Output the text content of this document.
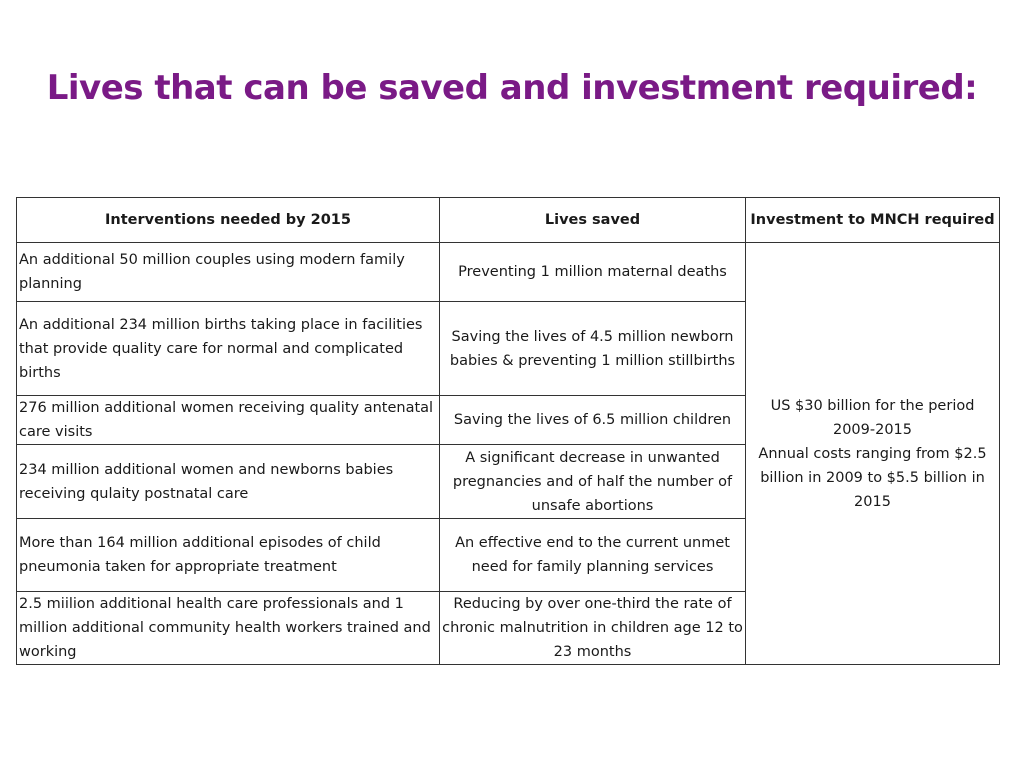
Lives that can be saved and investment required:
Interventions needed by 2015	Lives saved	Investment to MNCH required
An additional 50 million couples using modern family planning	Preventing 1 million maternal deaths	US $30 billion for the period 2009-2015
Annual costs ranging from $2.5 billion in 2009 to $5.5 billion in 2015

An additional 234 million births taking place in facilities that provide quality care for normal and complicated births	Saving the lives of 4.5 million newborn babies & preventing 1 million stillbirths	
276 million additional women receiving quality antenatal care visits	Saving the lives of 6.5 million children	
234 million additional women and newborns babies receiving qulaity postnatal care	A significant decrease in unwanted pregnancies and of half the number of unsafe abortions	
More than 164 million additional episodes of child pneumonia taken for appropriate treatment	An effective end to the current unmet need for family planning services	
2.5 miilion additional health care professionals and 1 million additional community health workers trained and working	Reducing by over one-third the rate of chronic malnutrition in children age 12 to 23 months	
